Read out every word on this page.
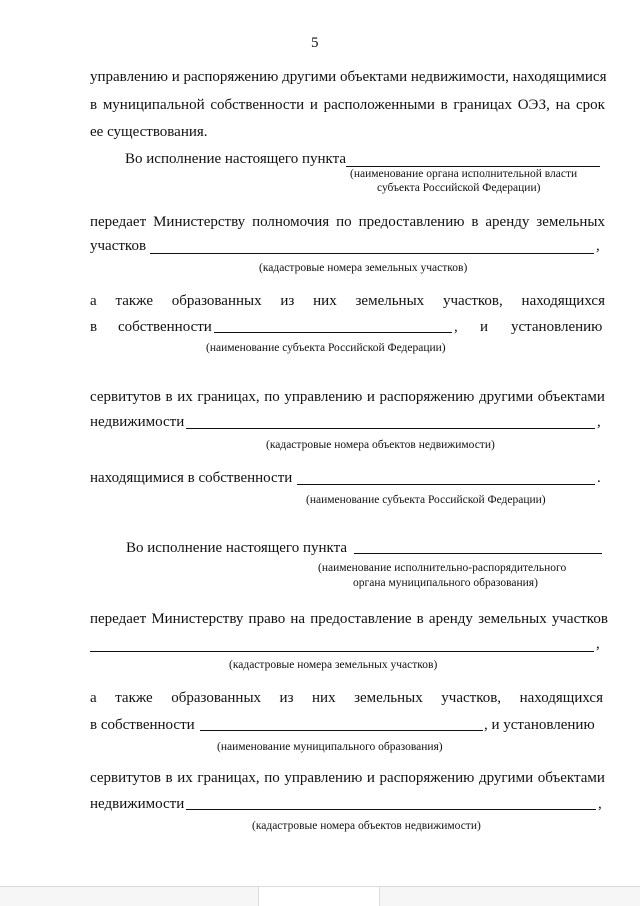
5
управлению и распоряжению другими объектами недвижимости, находящимися
в муниципальной собственности и расположенными в границах ОЭЗ, на срок
ее существования.
Во исполнение настоящего пункта
(наименование органа исполнительной власти
субъекта Российской Федерации)
передает Министерству полномочия по предоставлению в аренду земельных
участков	,
(кадастровые номера земельных участков)
а также образованных из них земельных участков, находящихся
в собственности	, и установлению
(наименование субъекта Российской Федерации)
сервитутов в их границах, по управлению и распоряжению другими объектами
недвижимости	,
(кадастровые номера объектов недвижимости)
находящимися в собственности	.
(наименование субъекта Российской Федерации)
Во исполнение настоящего пункта
(наименование исполнительно-распорядительного
органа муниципального образования)
передает Министерству право на предоставление в аренду земельных участков
,
(кадастровые номера земельных участков)
а также образованных из них земельных участков, находящихся
в собственности	, и установлению
(наименование муниципального образования)
сервитутов в их границах, по управлению и распоряжению другими объектами
недвижимости	,
(кадастровые номера объектов недвижимости)
